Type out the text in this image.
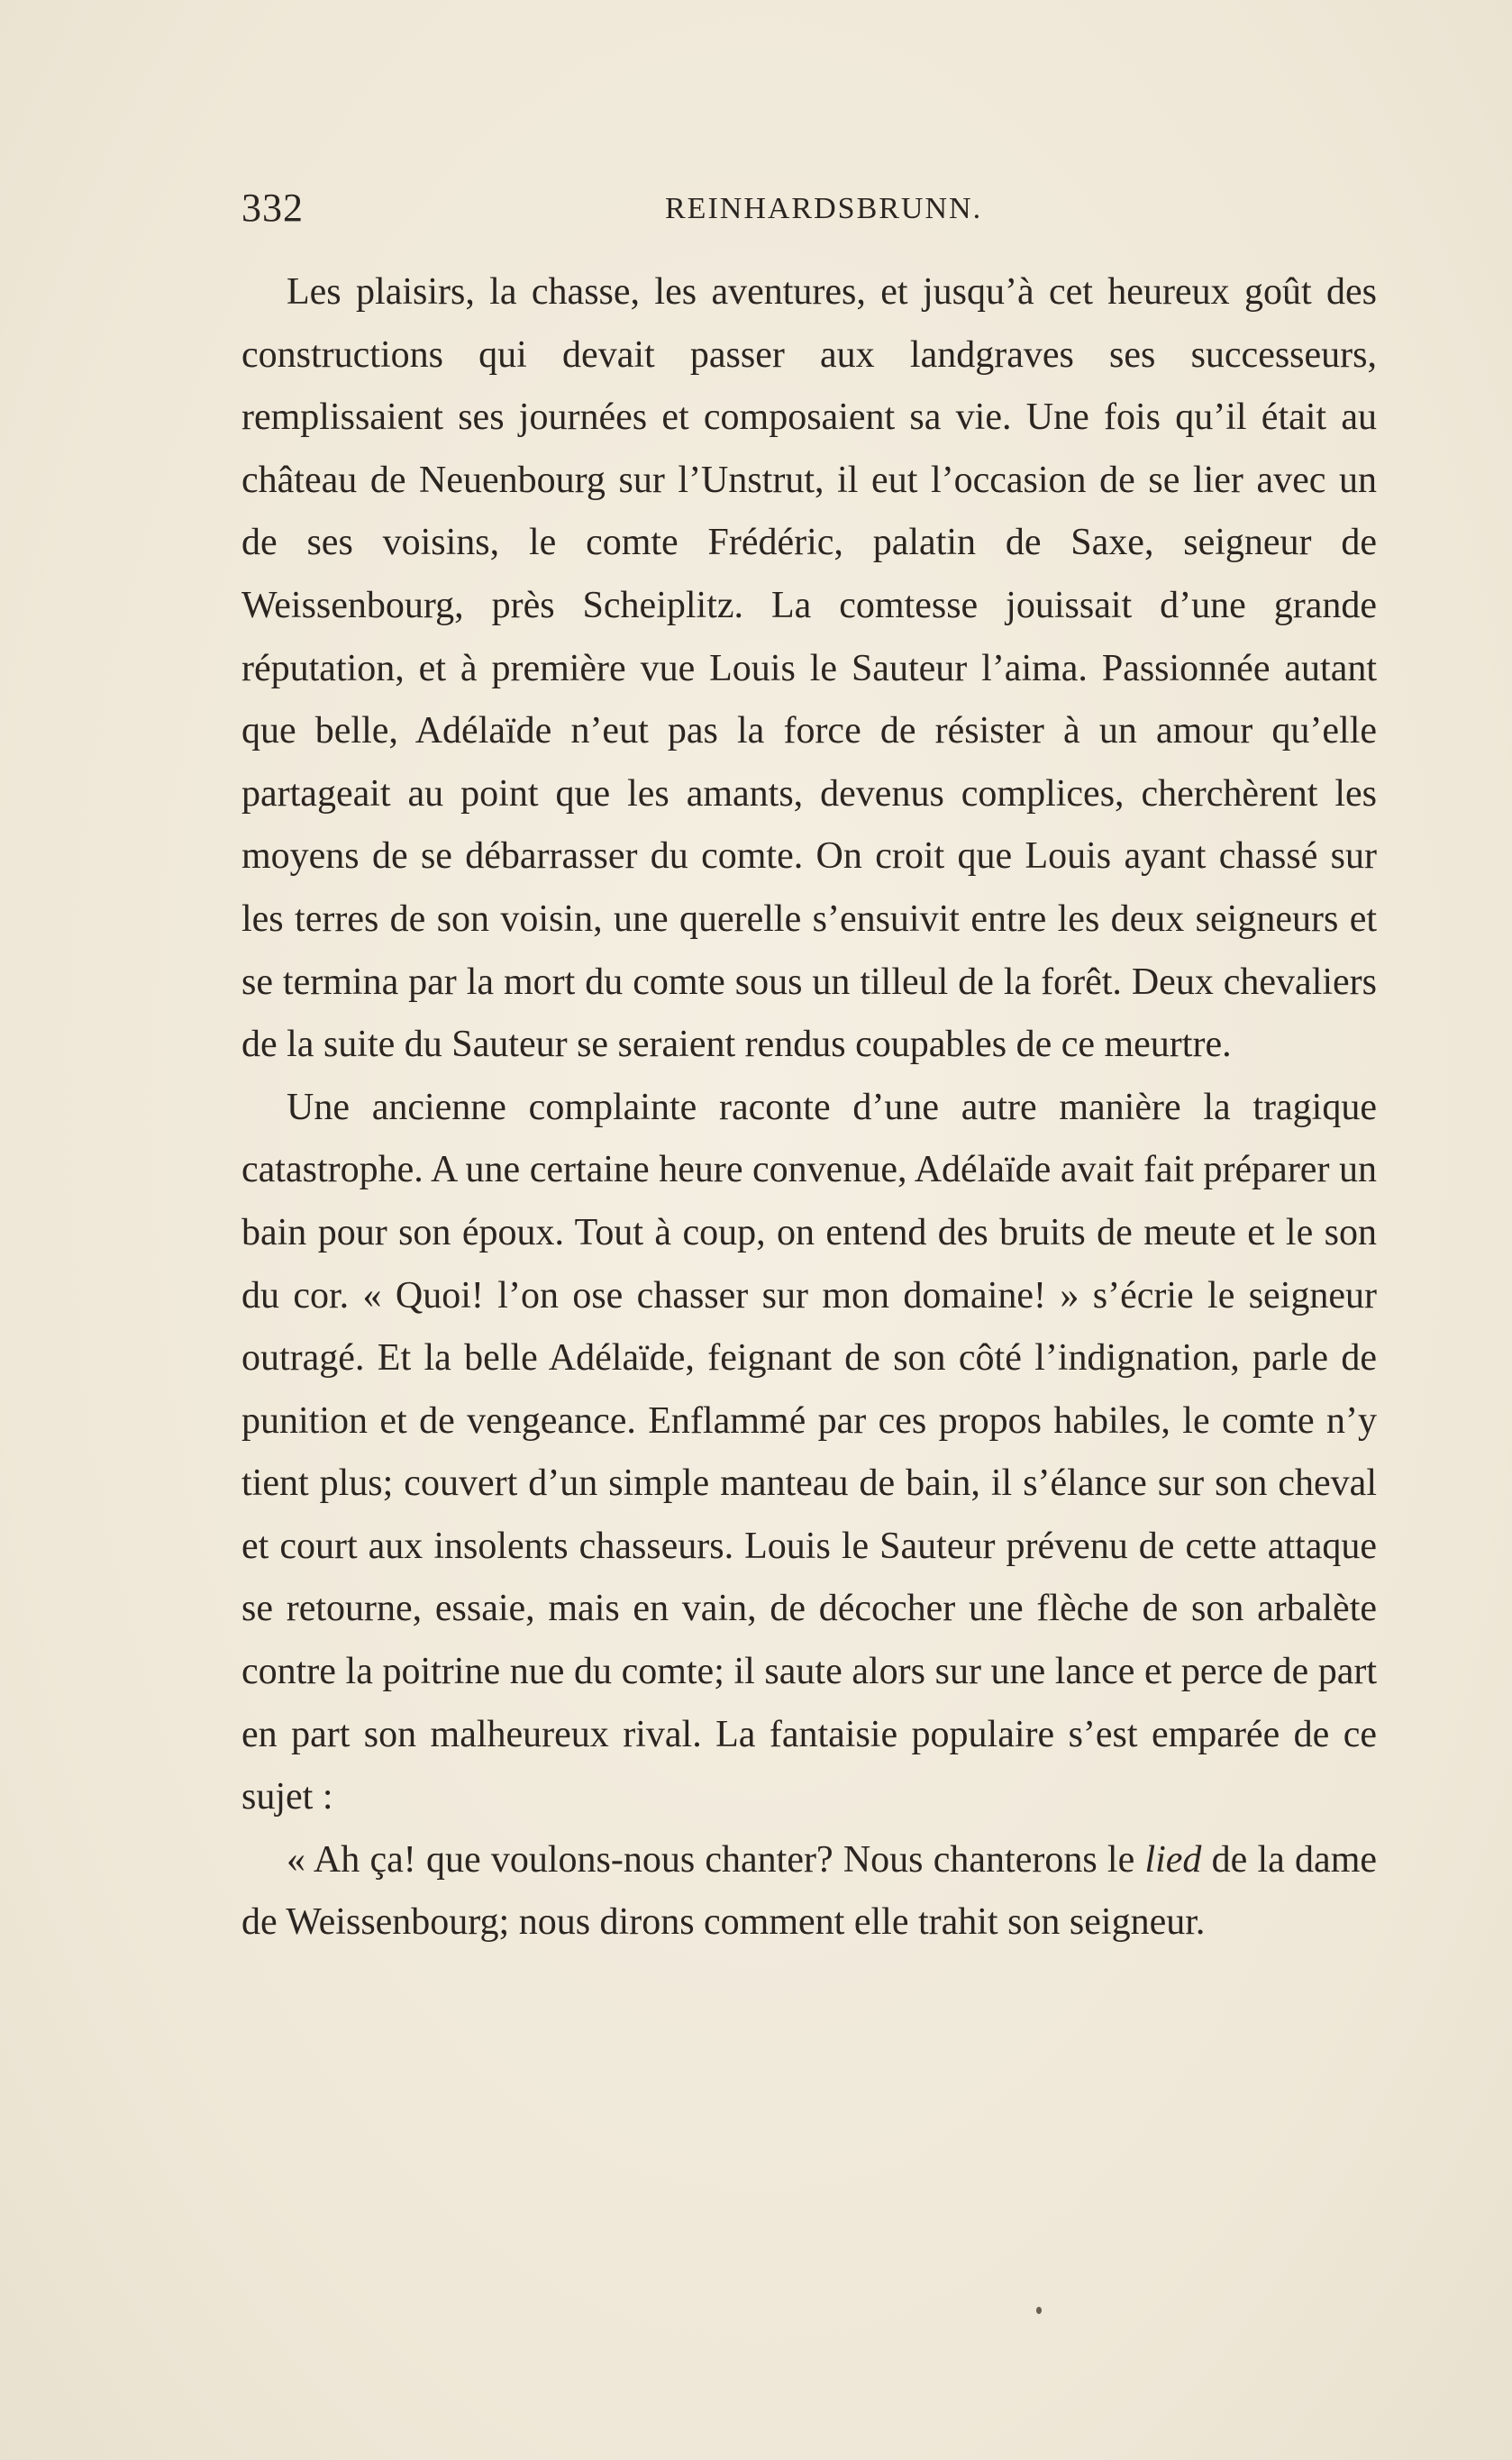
332	REINHARDSBRUNN.

Les plaisirs, la chasse, les aventures, et jusqu’à cet heureux goût des constructions qui devait passer aux landgraves ses successeurs, remplissaient ses journées et composaient sa vie. Une fois qu’il était au château de Neuenbourg sur l’Unstrut, il eut l’occasion de se lier avec un de ses voisins, le comte Frédéric, palatin de Saxe, seigneur de Weissenbourg, près Scheiplitz. La comtesse jouissait d’une grande réputation, et à première vue Louis le Sauteur l’aima. Passionnée autant que belle, Adélaïde n’eut pas la force de résister à un amour qu’elle partageait au point que les amants, devenus complices, cherchèrent les moyens de se débarrasser du comte. On croit que Louis ayant chassé sur les terres de son voisin, une querelle s’ensuivit entre les deux seigneurs et se termina par la mort du comte sous un tilleul de la forêt. Deux chevaliers de la suite du Sauteur se seraient rendus coupables de ce meurtre.

Une ancienne complainte raconte d’une autre manière la tragique catastrophe. A une certaine heure convenue, Adélaïde avait fait préparer un bain pour son époux. Tout à coup, on entend des bruits de meute et le son du cor. « Quoi! l’on ose chasser sur mon domaine! » s’écrie le seigneur outragé. Et la belle Adélaïde, feignant de son côté l’indignation, parle de punition et de vengeance. Enflammé par ces propos habiles, le comte n’y tient plus; couvert d’un simple manteau de bain, il s’élance sur son cheval et court aux insolents chasseurs. Louis le Sauteur prévenu de cette attaque se retourne, essaie, mais en vain, de décocher une flèche de son arbalète contre la poitrine nue du comte; il saute alors sur une lance et perce de part en part son malheureux rival. La fantaisie populaire s’est emparée de ce sujet :

« Ah ça! que voulons-nous chanter? Nous chanterons le lied de la dame de Weissenbourg; nous dirons comment elle trahit son seigneur.
